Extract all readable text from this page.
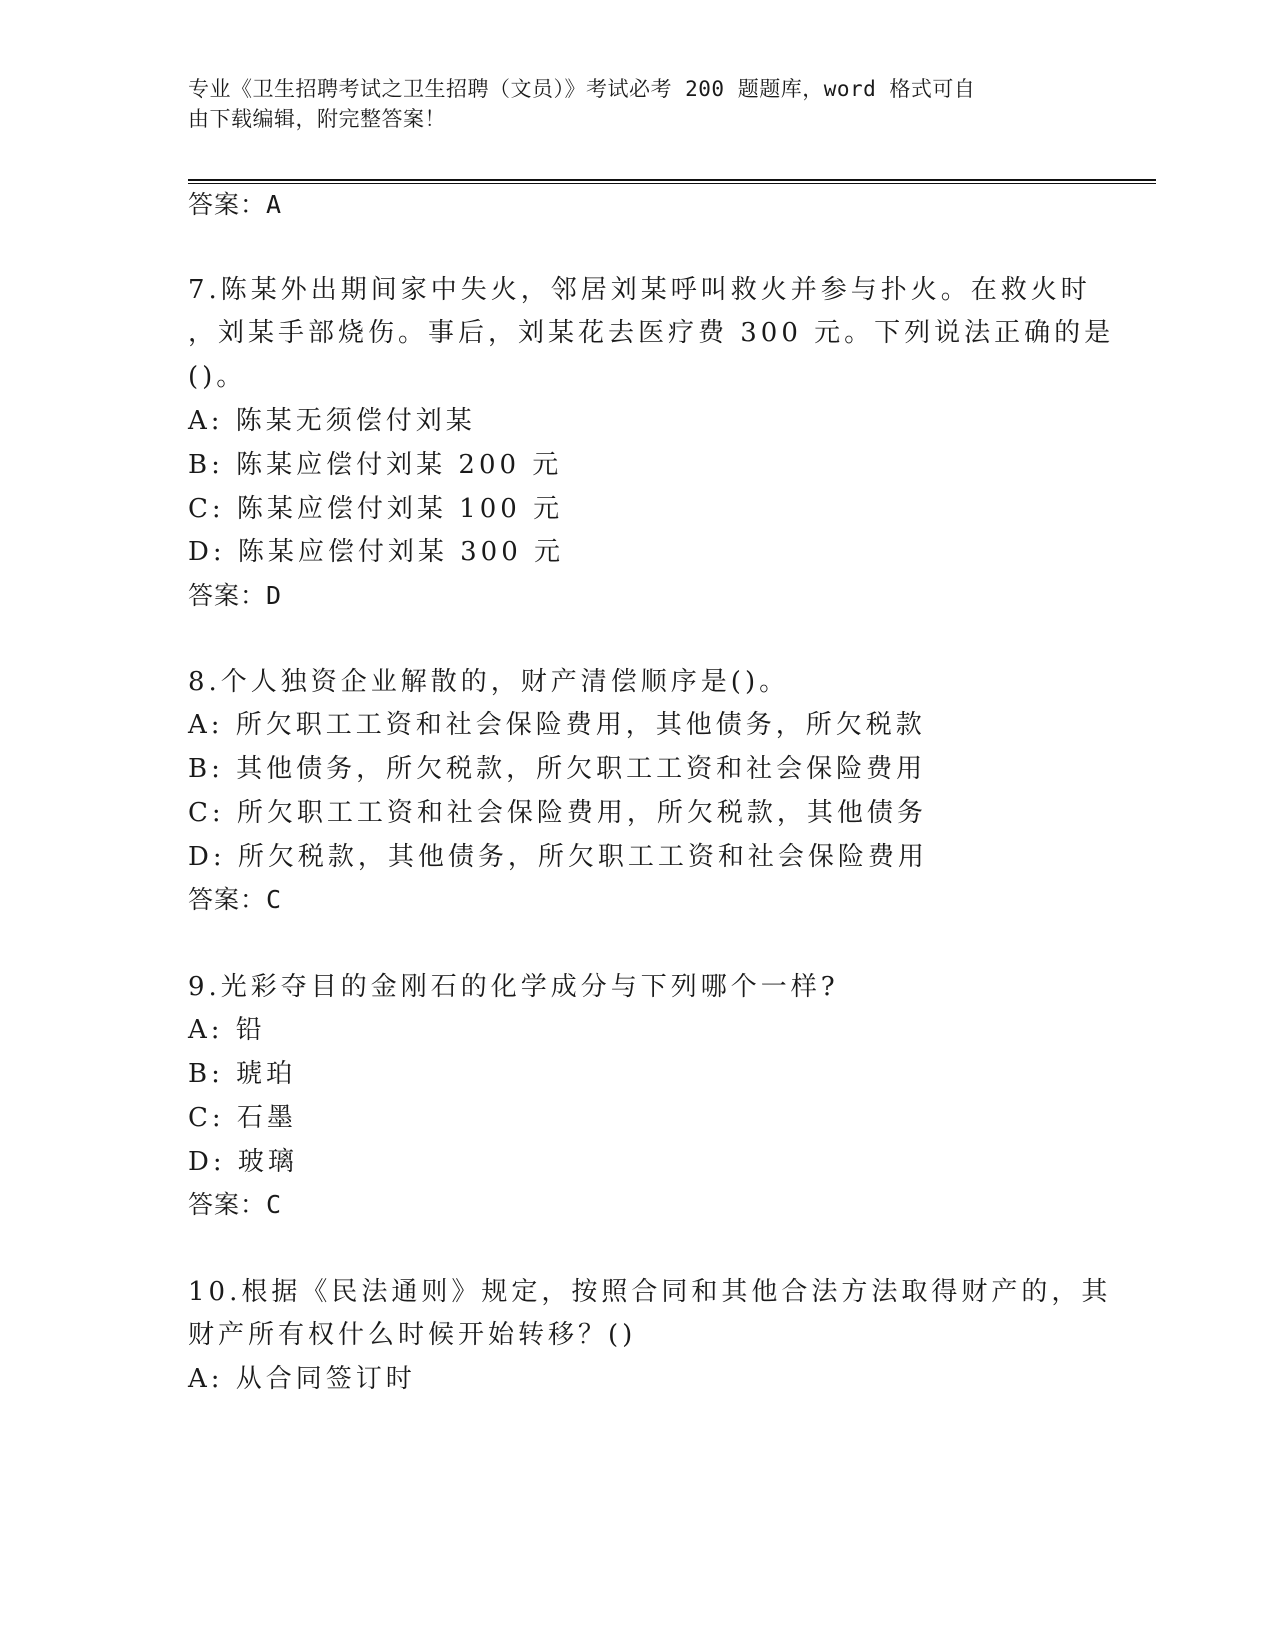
专业《卫生招聘考试之卫生招聘（文员）》考试必考 200 题题库，word 格式可自
由下载编辑，附完整答案！
答案：A
7.陈某外出期间家中失火，邻居刘某呼叫救火并参与扑火。在救火时
，刘某手部烧伤。事后，刘某花去医疗费 300 元。下列说法正确的是
()。
A: 陈某无须偿付刘某
B: 陈某应偿付刘某 200 元
C: 陈某应偿付刘某 100 元
D: 陈某应偿付刘某 300 元
答案：D
8.个人独资企业解散的，财产清偿顺序是()。
A: 所欠职工工资和社会保险费用，其他债务，所欠税款
B: 其他债务，所欠税款，所欠职工工资和社会保险费用
C: 所欠职工工资和社会保险费用，所欠税款，其他债务
D: 所欠税款，其他债务，所欠职工工资和社会保险费用
答案：C
9.光彩夺目的金刚石的化学成分与下列哪个一样?
A: 铅
B: 琥珀
C: 石墨
D: 玻璃
答案：C
10.根据《民法通则》规定，按照合同和其他合法方法取得财产的，其
财产所有权什么时候开始转移？()
A: 从合同签订时
